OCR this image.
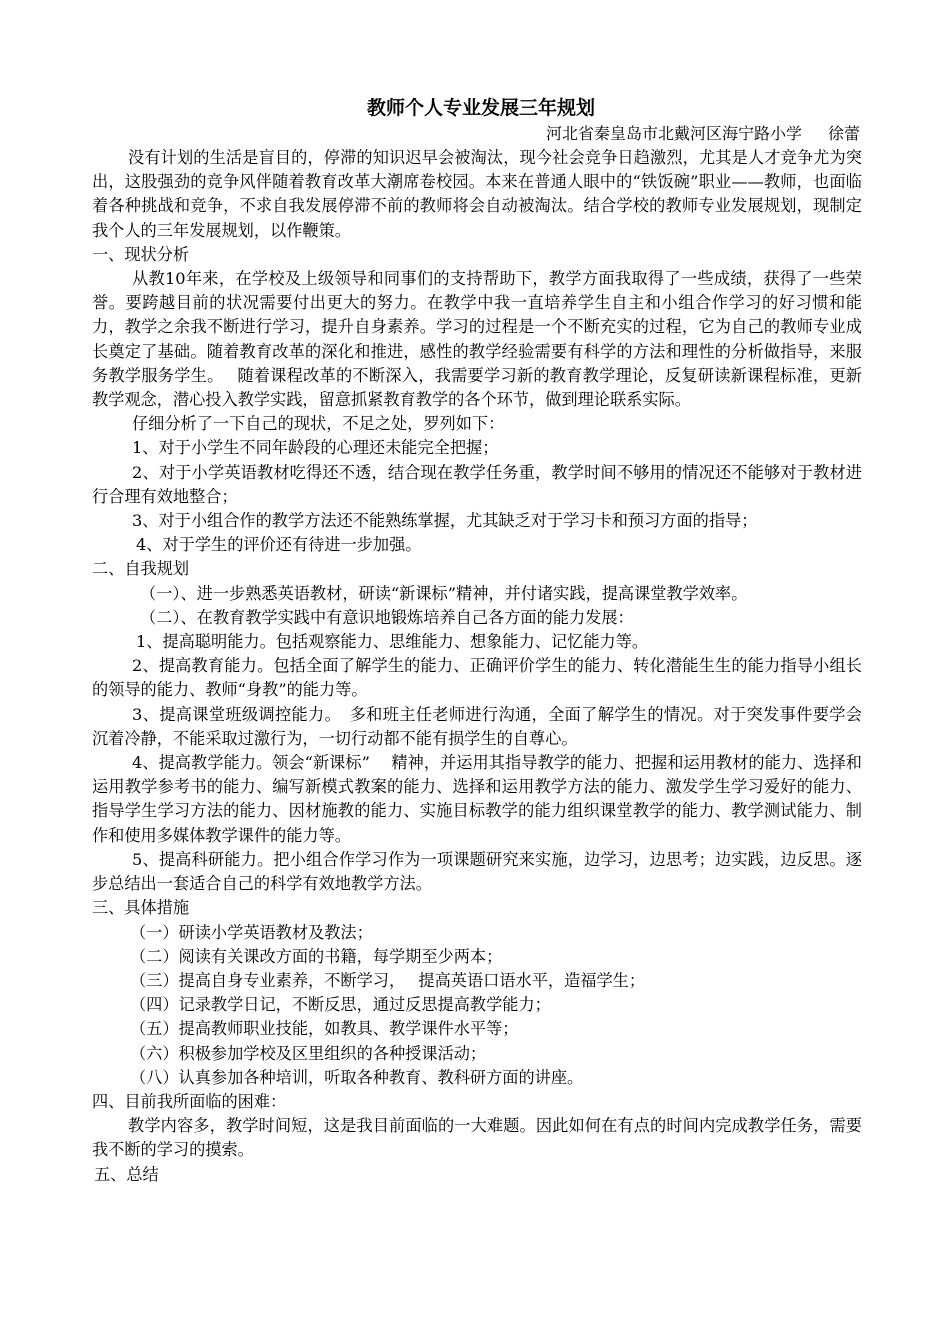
教师个人专业发展三年规划
河北省秦皇岛市北戴河区海宁路小学 徐蕾

没有计划的生活是盲目的，停滞的知识迟早会被淘汰，现今社会竞争日趋激烈，尤其是人才竞争尤为突出，这股强劲的竞争风伴随着教育改革大潮席卷校园。本来在普通人眼中的“铁饭碗”职业——教师，也面临着各种挑战和竞争，不求自我发展停滞不前的教师将会自动被淘汰。结合学校的教师专业发展规划，现制定我个人的三年发展规划，以作鞭策。

一、现状分析

从教10年来，在学校及上级领导和同事们的支持帮助下，教学方面我取得了一些成绩，获得了一些荣誉。要跨越目前的状况需要付出更大的努力。在教学中我一直培养学生自主和小组合作学习的好习惯和能力，教学之余我不断进行学习，提升自身素养。学习的过程是一个不断充实的过程，它为自己的教师专业成长奠定了基础。随着教育改革的深化和推进，感性的教学经验需要有科学的方法和理性的分析做指导，来服务教学服务学生。　 随着课程改革的不断深入，我需要学习新的教育教学理论，反复研读新课程标准，更新教学观念，潜心投入教学实践，留意抓紧教育教学的各个环节，做到理论联系实际。

仔细分析了一下自己的现状，不足之处，罗列如下：

1、对于小学生不同年龄段的心理还未能完全把握；

2、对于小学英语教材吃得还不透，结合现在教学任务重，教学时间不够用的情况还不能够对于教材进行合理有效地整合；

3、对于小组合作的教学方法还不能熟练掌握，尤其缺乏对于学习卡和预习方面的指导；

4、对于学生的评价还有待进一步加强。

二、自我规划

（一）、进一步熟悉英语教材，研读“新课标”精神，并付诸实践，提高课堂教学效率。

（二）、在教育教学实践中有意识地锻炼培养自己各方面的能力发展：

1、提高聪明能力。包括观察能力、思维能力、想象能力、记忆能力等。

2、提高教育能力。包括全面了解学生的能力、正确评价学生的能力、转化潜能生生的能力指导小组长的领导的能力、教师“身教”的能力等。

3、提高课堂班级调控能力。　多和班主任老师进行沟通，全面了解学生的情况。对于突发事件要学会沉着冷静，不能采取过激行为，一切行动都不能有损学生的自尊心。

4、提高教学能力。领会“新课标”　 精神，并运用其指导教学的能力、把握和运用教材的能力、选择和运用教学参考书的能力、编写新模式教案的能力、选择和运用教学方法的能力、激发学生学习爱好的能力、指导学生学习方法的能力、因材施教的能力、实施目标教学的能力组织课堂教学的能力、教学测试能力、制作和使用多媒体教学课件的能力等。

5、提高科研能力。把小组合作学习作为一项课题研究来实施，边学习，边思考；边实践，边反思。逐步总结出一套适合自己的科学有效地教学方法。

三、具体措施

（一）研读小学英语教材及教法；

（二）阅读有关课改方面的书籍，每学期至少两本；

（三）提高自身专业素养，不断学习，　 提高英语口语水平，造福学生；

（四）记录教学日记，不断反思，通过反思提高教学能力；

（五）提高教师职业技能，如教具、教学课件水平等；

（六）积极参加学校及区里组织的各种授课活动；

（八）认真参加各种培训，听取各种教育、教科研方面的讲座。

四、目前我所面临的困难：

教学内容多，教学时间短，这是我目前面临的一大难题。因此如何在有点的时间内完成教学任务，需要我不断的学习的摸索。

五、总结
